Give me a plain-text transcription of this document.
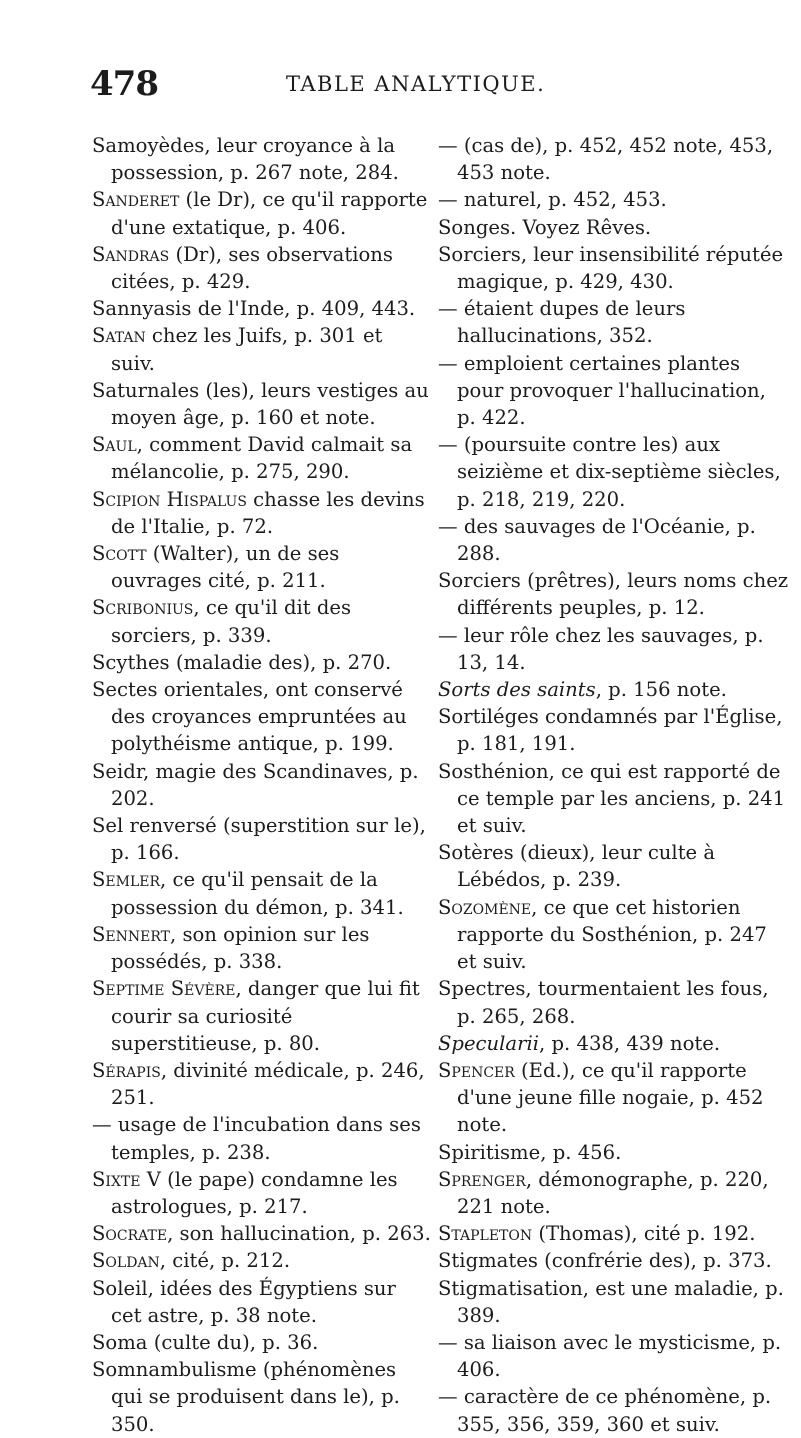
478	TABLE ANALYTIQUE.

Samoyèdes, leur croyance à la possession, p. 267 note, 284.

Sanderet (le Dr), ce qu'il rapporte d'une extatique, p. 406.

Sandras (Dr), ses observations citées, p. 429.

Sannyasis de l'Inde, p. 409, 443.

Satan chez les Juifs, p. 301 et suiv.

Saturnales (les), leurs vestiges au moyen âge, p. 160 et note.

Saul, comment David calmait sa mélancolie, p. 275, 290.

Scipion Hispalus chasse les devins de l'Italie, p. 72.

Scott (Walter), un de ses ouvrages cité, p. 211.

Scribonius, ce qu'il dit des sorciers, p. 339.

Scythes (maladie des), p. 270.

Sectes orientales, ont conservé des croyances empruntées au polythéisme antique, p. 199.

Seidr, magie des Scandinaves, p. 202.

Sel renversé (superstition sur le), p. 166.

Semler, ce qu'il pensait de la possession du démon, p. 341.

Sennert, son opinion sur les possédés, p. 338.

Septime Sévère, danger que lui fit courir sa curiosité superstitieuse, p. 80.

Sérapis, divinité médicale, p. 246, 251.

— usage de l'incubation dans ses temples, p. 238.

Sixte V (le pape) condamne les astrologues, p. 217.

Socrate, son hallucination, p. 263.

Soldan, cité, p. 212.

Soleil, idées des Égyptiens sur cet astre, p. 38 note.

Soma (culte du), p. 36.

Somnambulisme (phénomènes qui se produisent dans le), p. 350.

— (cas de), p. 452, 452 note, 453, 453 note.

— naturel, p. 452, 453.

Songes. Voyez Rêves.

Sorciers, leur insensibilité réputée magique, p. 429, 430.

— étaient dupes de leurs hallucinations, 352.

— emploient certaines plantes pour provoquer l'hallucination, p. 422.

— (poursuite contre les) aux seizième et dix-septième siècles, p. 218, 219, 220.

— des sauvages de l'Océanie, p. 288.

Sorciers (prêtres), leurs noms chez différents peuples, p. 12.

— leur rôle chez les sauvages, p. 13, 14.

Sorts des saints, p. 156 note.

Sortiléges condamnés par l'Église, p. 181, 191.

Sosthénion, ce qui est rapporté de ce temple par les anciens, p. 241 et suiv.

Sotères (dieux), leur culte à Lébédos, p. 239.

Sozomène, ce que cet historien rapporte du Sosthénion, p. 247 et suiv.

Spectres, tourmentaient les fous, p. 265, 268.

Specularii, p. 438, 439 note.

Spencer (Ed.), ce qu'il rapporte d'une jeune fille nogaie, p. 452 note.

Spiritisme, p. 456.

Sprenger, démonographe, p. 220, 221 note.

Stapleton (Thomas), cité p. 192.

Stigmates (confrérie des), p. 373.

Stigmatisation, est une maladie, p. 389.

— sa liaison avec le mysticisme, p. 406.

— caractère de ce phénomène, p. 355, 356, 359, 360 et suiv.
